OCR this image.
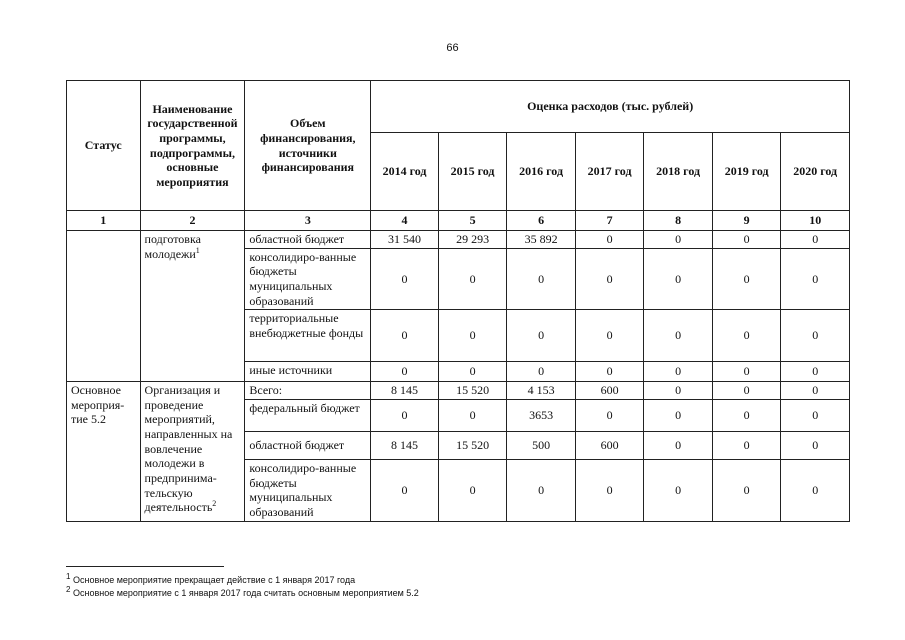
66
Статус	Наименование государственной программы, подпрограммы, основные мероприятия	Объем финансирования, источники финансирования	Оценка расходов (тыс. рублей)						
			2014 год	2015 год	2016 год	2017 год	2018 год	2019 год	2020 год
1	2	3	4	5	6	7	8	9	10
	подготовка молодежи$^1$	областной бюджет	31 540	29 293	35 892	0	0	0	0
		консолидиро-ванные бюджеты муниципальных образований	0	0	0	0	0	0	0
		территориальные внебюджетные фонды	0	0	0	0	0	0	0
		иные источники	0	0	0	0	0	0	0
Основное мероприя-тие 5.2	Организация и проведение мероприятий, направленных на вовлечение молодежи в предпринима-тельскую деятельность$^2$	Всего:	8 145	15 520	4 153	600	0	0	0
		федеральный бюджет	0	0	3653	0	0	0	0
		областной бюджет	8 145	15 520	500	600	0	0	0
		консолидиро-ванные бюджеты муниципальных образований	0	0	0	0	0	0	0
$^1$ Основное мероприятие прекращает действие с 1 января 2017 года
$^2$ Основное мероприятие с 1 января 2017 года считать основным мероприятием 5.2
